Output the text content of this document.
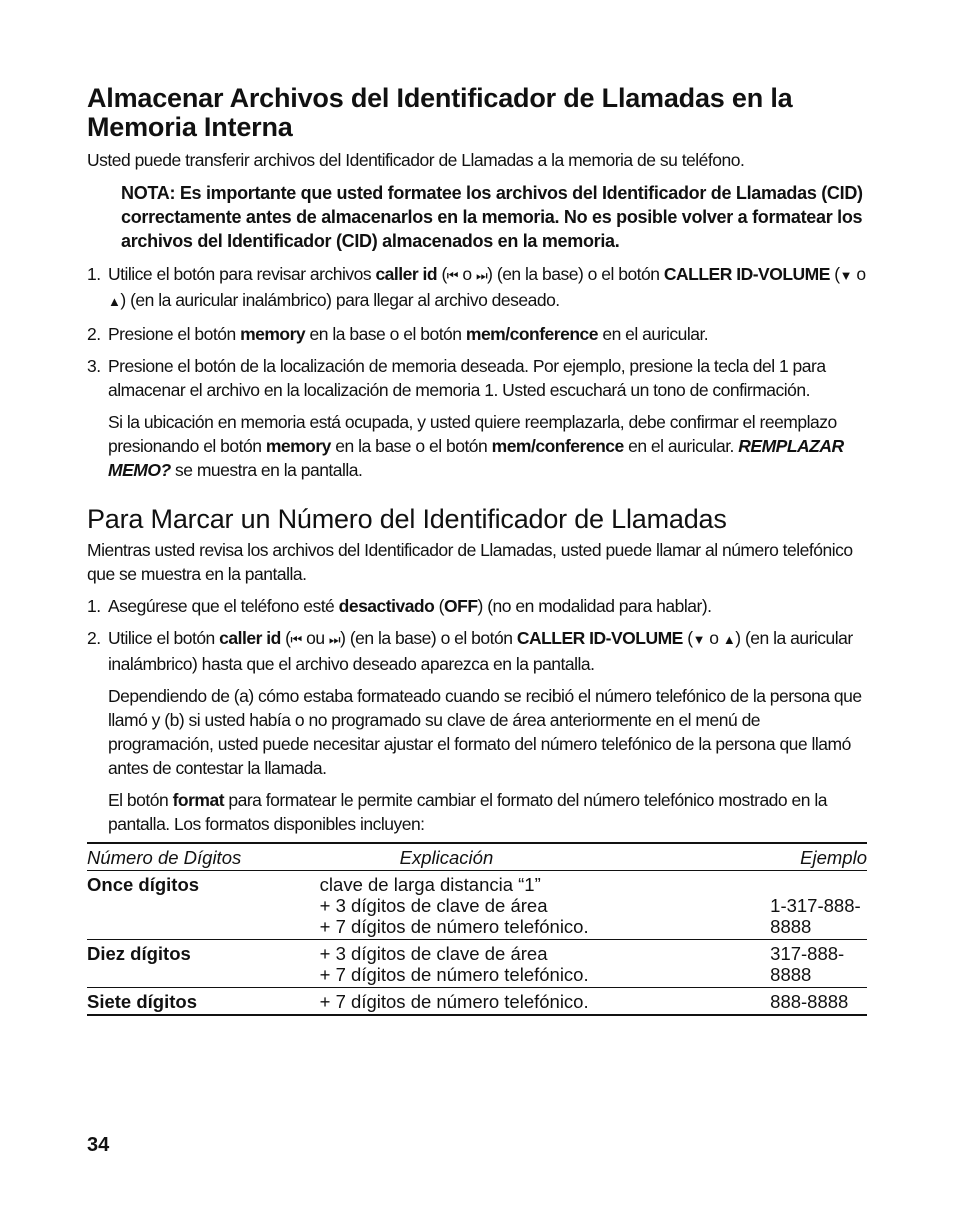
Almacenar Archivos del Identificador de Llamadas en la Memoria Interna

Usted puede transferir archivos del Identificador de Llamadas a la memoria de su teléfono.

NOTA: Es importante que usted formatee los archivos del Identificador de Llamadas (CID) correctamente antes de almacenarlos en la memoria. No es posible volver a formatear los archivos del Identificador (CID) almacenados en la memoria.

1. Utilice el botón para revisar archivos caller id (⏮ o ⏭) (en la base) o el botón CALLER ID-VOLUME (▼ o ▲) (en la auricular inalámbrico) para llegar al archivo deseado.
2. Presione el botón memory en la base o el botón mem/conference en el auricular.
3. Presione el botón de la localización de memoria deseada. Por ejemplo, presione la tecla del 1 para almacenar el archivo en la localización de memoria 1. Usted escuchará un tono de confirmación.

Si la ubicación en memoria está ocupada, y usted quiere reemplazarla, debe confirmar el reemplazo presionando el botón memory en la base o el botón mem/conference en el auricular. REMPLAZAR MEMO? se muestra en la pantalla.

Para Marcar un Número del Identificador de Llamadas

Mientras usted revisa los archivos del Identificador de Llamadas, usted puede llamar al número telefónico que se muestra en la pantalla.

1. Asegúrese que el teléfono esté desactivado (OFF) (no en modalidad para hablar).
2. Utilice el botón caller id (⏮ ou ⏭) (en la base) o el botón CALLER ID-VOLUME (▼ o ▲) (en la auricular inalámbrico) hasta que el archivo deseado aparezca en la pantalla.

Dependiendo de (a) cómo estaba formateado cuando se recibió el número telefónico de la persona que llamó y (b) si usted había o no programado su clave de área anteriormente en el menú de programación, usted puede necesitar ajustar el formato del número telefónico de la persona que llamó antes de contestar la llamada.

El botón format para formatear le permite cambiar el formato del número telefónico mostrado en la pantalla. Los formatos disponibles incluyen:

Número de Dígitos	Explicación	Ejemplo
Once dígitos	clave de larga distancia “1”
+ 3 dígitos de clave de área
+ 7 dígitos de número telefónico.	1-317-888-8888
Diez dígitos	+ 3 dígitos de clave de área
+ 7 dígitos de número telefónico.	317-888-8888
Siete dígitos	+ 7 dígitos de número telefónico.	888-8888
34
